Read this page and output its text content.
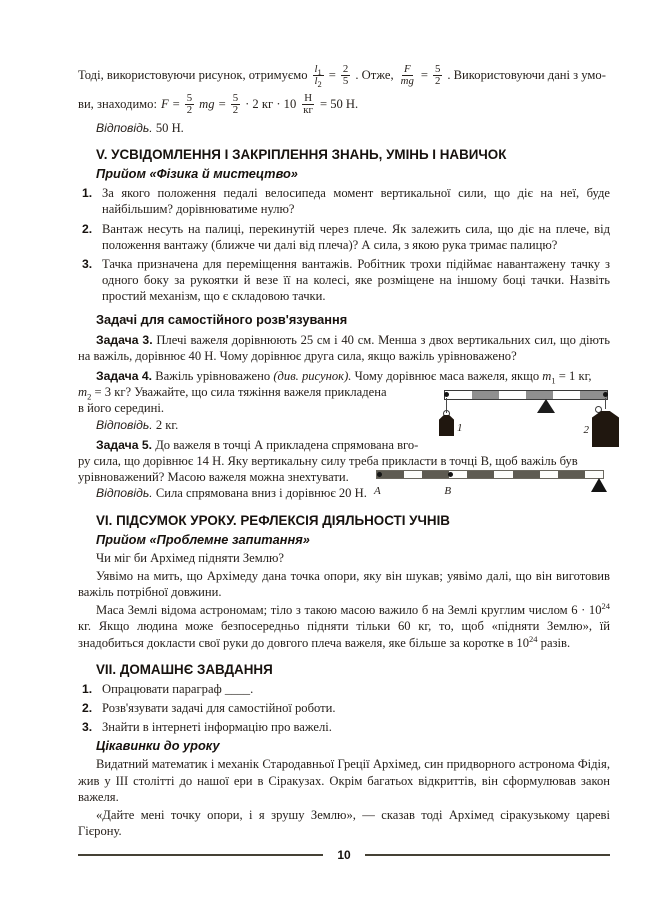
Тоді, використовуючи рисунок, отримуємо $\frac{l_1}{l_2} = \frac{2}{5}$ . Отже, $\frac{F}{mg} = \frac{5}{2}$ . Використовуючи дані з умо-
ви, знаходимо: $F = \frac{5}{2}$ mg = $\frac{5}{2} \cdot 2$ кг · $10 \frac{Н}{кг} = 50$ Н.
Відповідь. 50 Н.
V. УСВІДОМЛЕННЯ І ЗАКРІПЛЕННЯ ЗНАНЬ, УМІНЬ І НАВИЧОК
Прийом «Фізика й мистецтво»
1. За якого положення педалі велосипеда момент вертикальної сили, що діє на неї, буде найбільшим? дорівнюватиме нулю?
2. Вантаж несуть на палиці, перекинутій через плече. Як залежить сила, що діє на плече, від положення вантажу (ближче чи далі від плеча)? А сила, з якою рука тримає палицю?
3. Тачка призначена для переміщення вантажів. Робітник трохи підіймає навантажену тачку з одного боку за рукоятки й везе її на колесі, яке розміщене на іншому боці тачки. Назвіть простий механізм, що є складовою тачки.
Задачі для самостійного розв'язування
Задача 3. Плечі важеля дорівнюють 25 см і 40 см. Менша з двох вертикальних сил, що діють на важіль, дорівнює 40 Н. Чому дорівнює друга сила, якщо важіль урівноважено?
Задача 4. Важіль урівноважено (див. рисунок). Чому дорівнює маса важеля, якщо $m_1 = 1$ кг,
$m_2 = 3$ кг? Уважайте, що сила тяжіння важеля прикладена
в його середині.
Відповідь. 2 кг.	1	2
Задача 5. До важеля в точці А прикладена спрямована вго-
ру сила, що дорівнює 14 Н. Яку вертикальну силу треба прикласти в точці В, щоб важіль був
урівноважений? Масою важеля можна знехтувати.
Відповідь. Сила спрямована вниз і дорівнює 20 Н. A	B
VI. ПІДСУМОК УРОКУ. РЕФЛЕКСІЯ ДІЯЛЬНОСТІ УЧНІВ
Прийом «Проблемне запитання»
Чи міг би Архімед підняти Землю?
Уявімо на мить, що Архімеду дана точка опори, яку він шукав; уявімо далі, що він виготовив важіль потрібної довжини.
Маса Землі відома астрономам; тіло з такою масою важило б на Землі круглим числом $6 \cdot 10^{24}$ кг. Якщо людина може безпосередньо підняти тільки 60 кг, то, щоб «підняти Землю», їй знадобиться докласти свої руки до довгого плеча важеля, яке більше за коротке в $10^{24}$ разів.
VII. ДОМАШНЄ ЗАВДАННЯ
1. Опрацювати параграф ____.
2. Розв'язувати задачі для самостійної роботи.
3. Знайти в інтернеті інформацію про важелі.
Цікавинки до уроку
Видатний математик і механік Стародавньої Греції Архімед, син придворного астронома Фідія, жив у III столітті до нашої ери в Сіракузах. Окрім багатьох відкриттів, він сформулював закон важеля.
«Дайте мені точку опори, і я зрушу Землю», — сказав тоді Архімед сіракузькому цареві Гієрону.
10
